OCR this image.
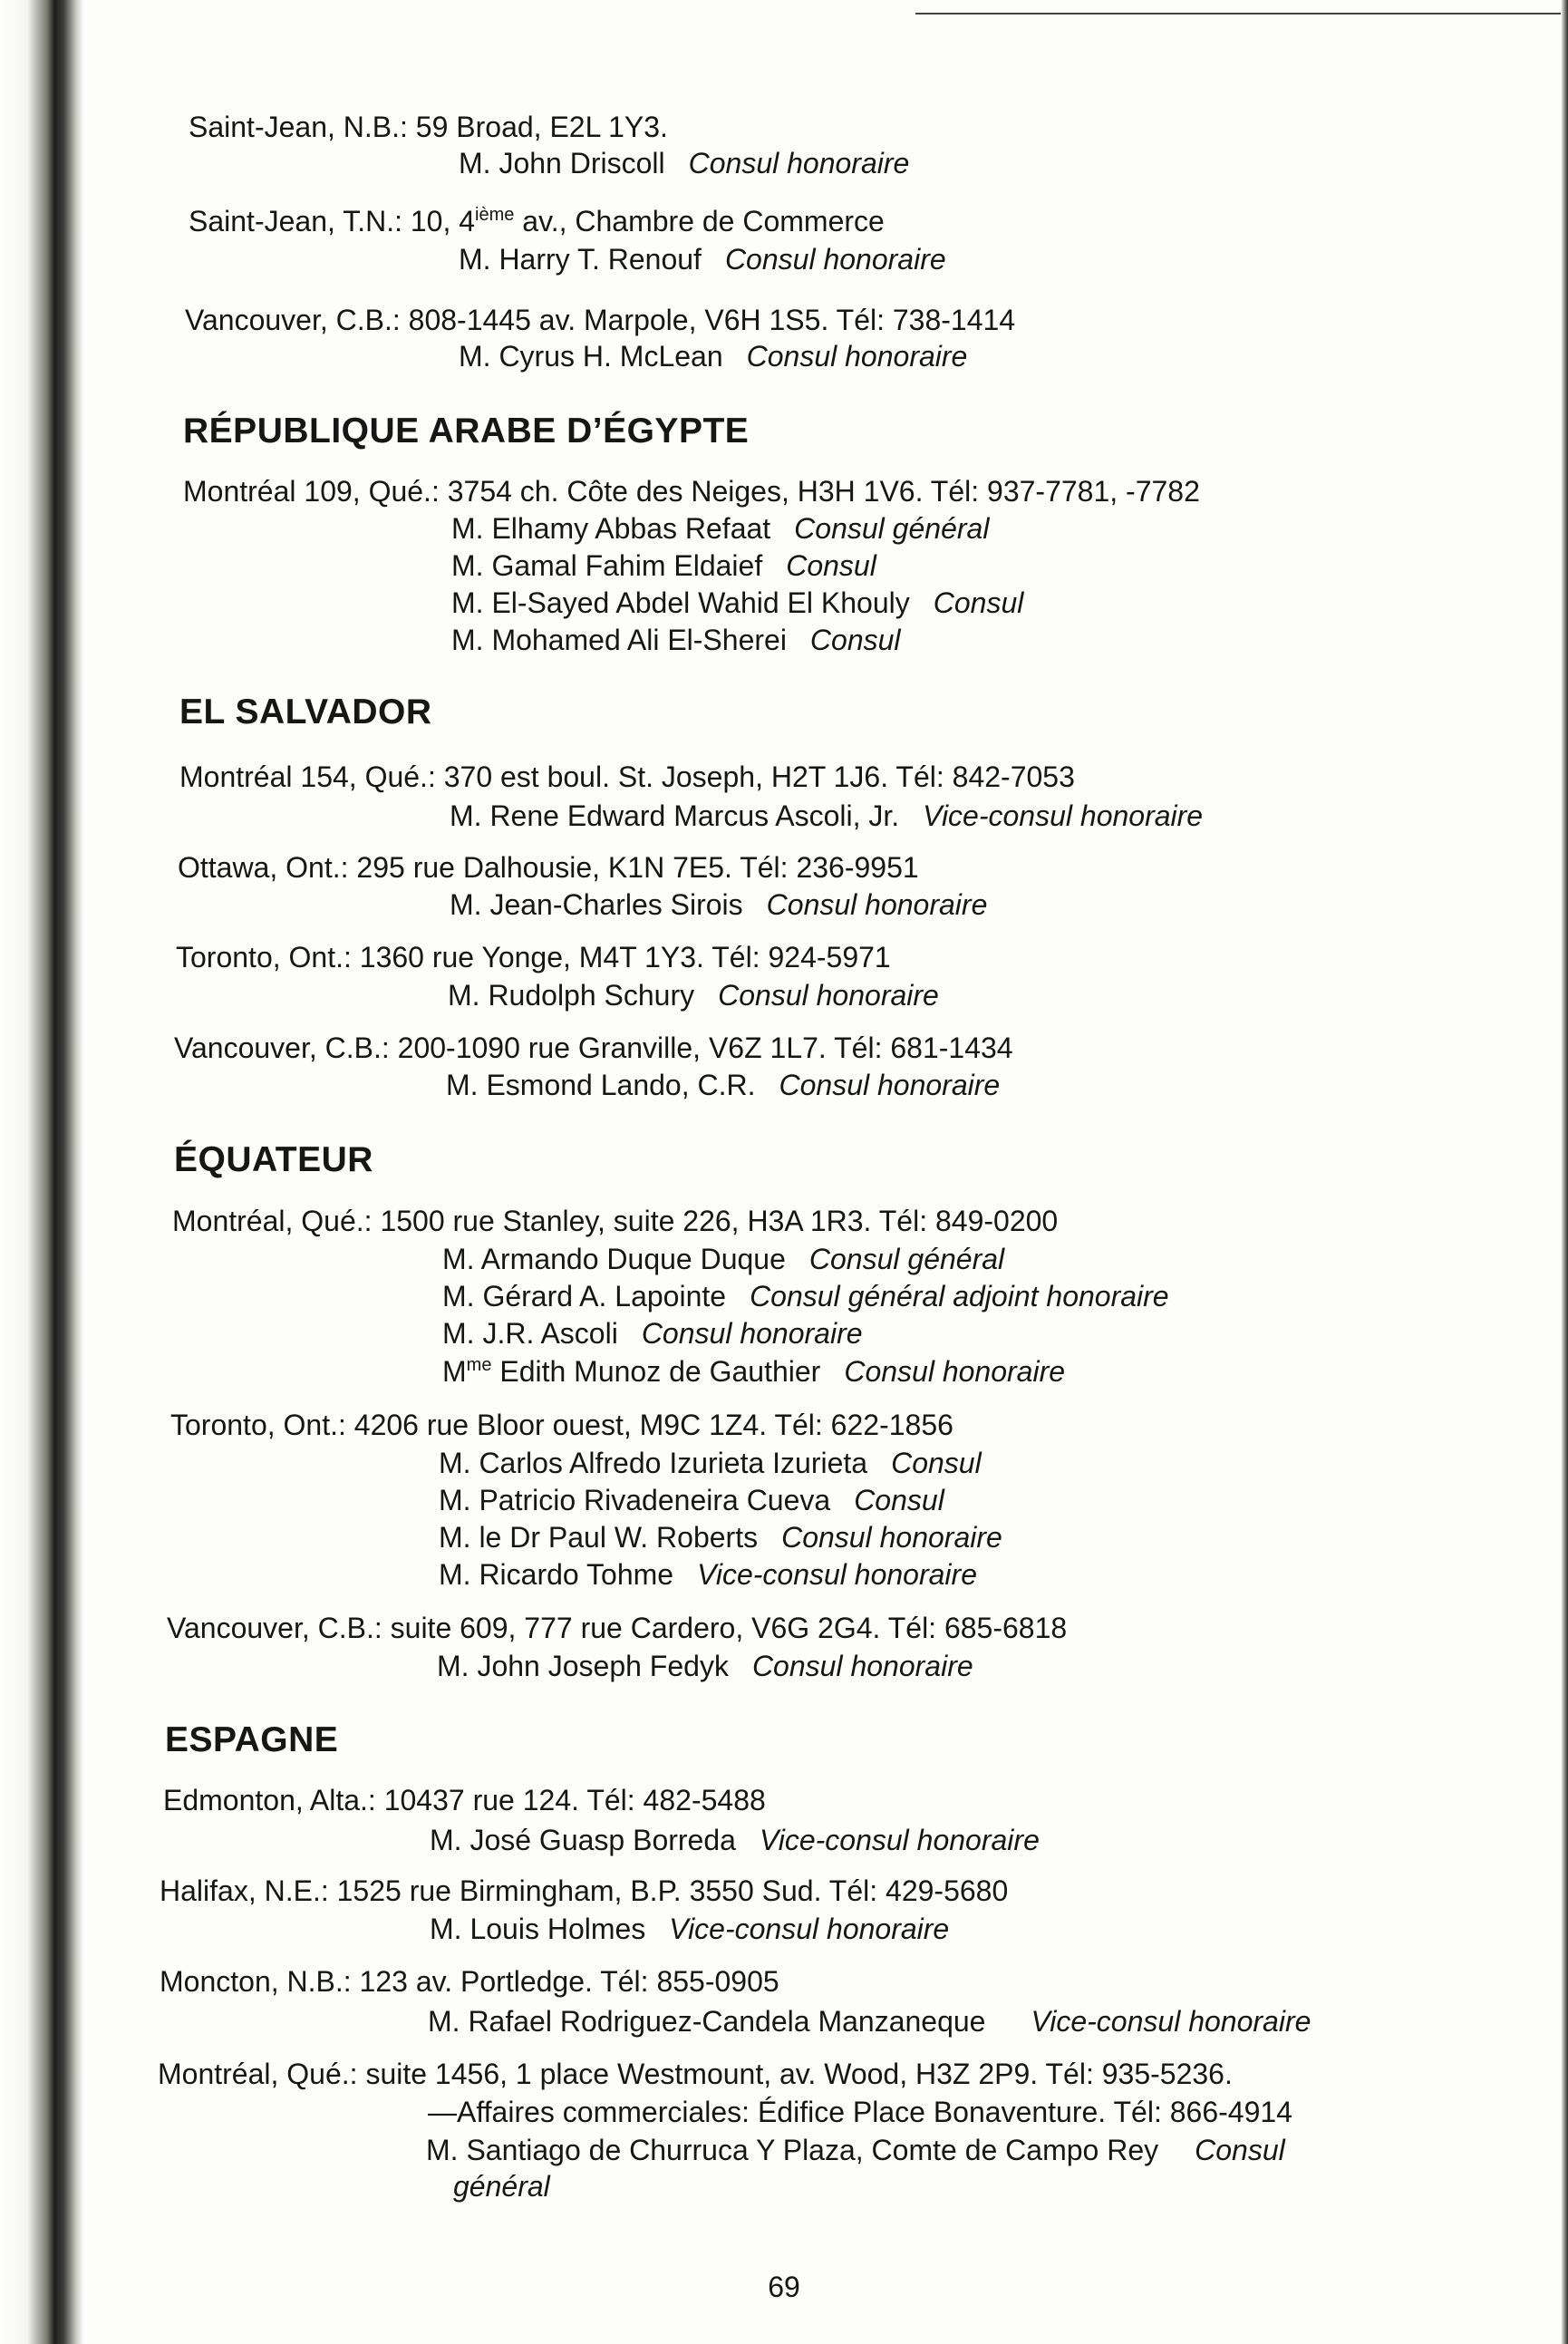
Saint-Jean, N.B.: 59 Broad, E2L 1Y3.
M. John Driscoll Consul honoraire
Saint-Jean, T.N.: 10, 4ième av., Chambre de Commerce
M. Harry T. Renouf Consul honoraire
Vancouver, C.B.: 808-1445 av. Marpole, V6H 1S5. Tél: 738-1414
M. Cyrus H. McLean Consul honoraire
RÉPUBLIQUE ARABE D’ÉGYPTE
Montréal 109, Qué.: 3754 ch. Côte des Neiges, H3H 1V6. Tél: 937-7781, -7782
M. Elhamy Abbas Refaat Consul général
M. Gamal Fahim Eldaief Consul
M. El-Sayed Abdel Wahid El Khouly Consul
M. Mohamed Ali El-Sherei Consul
EL SALVADOR
Montréal 154, Qué.: 370 est boul. St. Joseph, H2T 1J6. Tél: 842-7053
M. Rene Edward Marcus Ascoli, Jr. Vice-consul honoraire
Ottawa, Ont.: 295 rue Dalhousie, K1N 7E5. Tél: 236-9951
M. Jean-Charles Sirois Consul honoraire
Toronto, Ont.: 1360 rue Yonge, M4T 1Y3. Tél: 924-5971
M. Rudolph Schury Consul honoraire
Vancouver, C.B.: 200-1090 rue Granville, V6Z 1L7. Tél: 681-1434
M. Esmond Lando, C.R. Consul honoraire
ÉQUATEUR
Montréal, Qué.: 1500 rue Stanley, suite 226, H3A 1R3. Tél: 849-0200
M. Armando Duque Duque Consul général
M. Gérard A. Lapointe Consul général adjoint honoraire
M. J.R. Ascoli Consul honoraire
$M^{me}$ Edith Munoz de Gauthier Consul honoraire
Toronto, Ont.: 4206 rue Bloor ouest, M9C 1Z4. Tél: 622-1856
M. Carlos Alfredo Izurieta Izurieta Consul
M. Patricio Rivadeneira Cueva Consul
M. le Dr Paul W. Roberts Consul honoraire
M. Ricardo Tohme Vice-consul honoraire
Vancouver, C.B.: suite 609, 777 rue Cardero, V6G 2G4. Tél: 685-6818
M. John Joseph Fedyk Consul honoraire
ESPAGNE
Edmonton, Alta.: 10437 rue 124. Tél: 482-5488
M. José Guasp Borreda Vice-consul honoraire
Halifax, N.E.: 1525 rue Birmingham, B.P. 3550 Sud. Tél: 429-5680
M. Louis Holmes Vice-consul honoraire
Moncton, N.B.: 123 av. Portledge. Tél: 855-0905
M. Rafael Rodriguez-Candela Manzaneque Vice-consul honoraire
Montréal, Qué.: suite 1456, 1 place Westmount, av. Wood, H3Z 2P9. Tél: 935-5236.
—Affaires commerciales: Édifice Place Bonaventure. Tél: 866-4914
M. Santiago de Churruca Y Plaza, Comte de Campo Rey Consul
général
69
